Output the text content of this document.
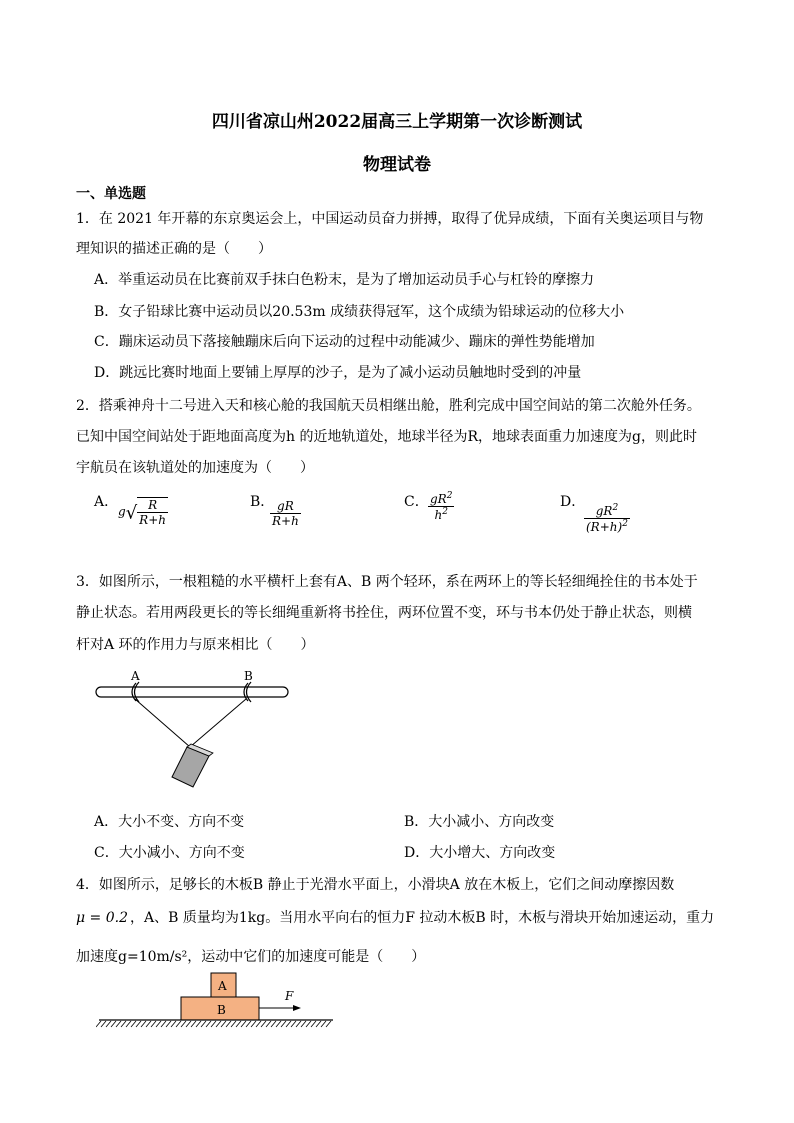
四川省凉山州2022届高三上学期第一次诊断测试
物理试卷
一、单选题
1．在 2021 年开幕的东京奥运会上，中国运动员奋力拼搏，取得了优异成绩，下面有关奥运项目与物
理知识的描述正确的是（　　）
A．举重运动员在比赛前双手抹白色粉末，是为了增加运动员手心与杠铃的摩擦力
B．女子铅球比赛中运动员以20.53m 成绩获得冠军，这个成绩为铅球运动的位移大小
C．蹦床运动员下落接触蹦床后向下运动的过程中动能减少、蹦床的弹性势能增加
D．跳远比赛时地面上要铺上厚厚的沙子，是为了减小运动员触地时受到的冲量
2．搭乘神舟十二号进入天和核心舱的我国航天员相继出舱，胜利完成中国空间站的第二次舱外任务。
已知中国空间站处于距地面高度为h 的近地轨道处，地球半径为R，地球表面重力加速度为g，则此时
宇航员在该轨道处的加速度为（　　）
A．
$g√ \frac{R}{R+h}$	B．
$\frac{gR}{R+h}$	C． $\frac{gR^2}{h^2}$	D．
$\frac{gR^2}{(R+h)^2}$
3．如图所示，一根粗糙的水平横杆上套有A、B 两个轻环，系在两环上的等长轻细绳拴住的书本处于
静止状态。若用两段更长的等长细绳重新将书拴住，两环位置不变，环与书本仍处于静止状态，则横
杆对A 环的作用力与原来相比（　　）
A	B
A．大小不变、方向不变	B．大小减小、方向改变
C．大小减小、方向不变	D．大小增大、方向改变
4．如图所示，足够长的木板B 静止于光滑水平面上，小滑块A 放在木板上，它们之间动摩擦因数
μ = 0.2 ，A、B 质量均为1kg。当用水平向右的恒力F 拉动木板B 时，木板与滑块开始加速运动，重力
加速度g=10m/s²，运动中它们的加速度可能是（　　）
A
B
F
